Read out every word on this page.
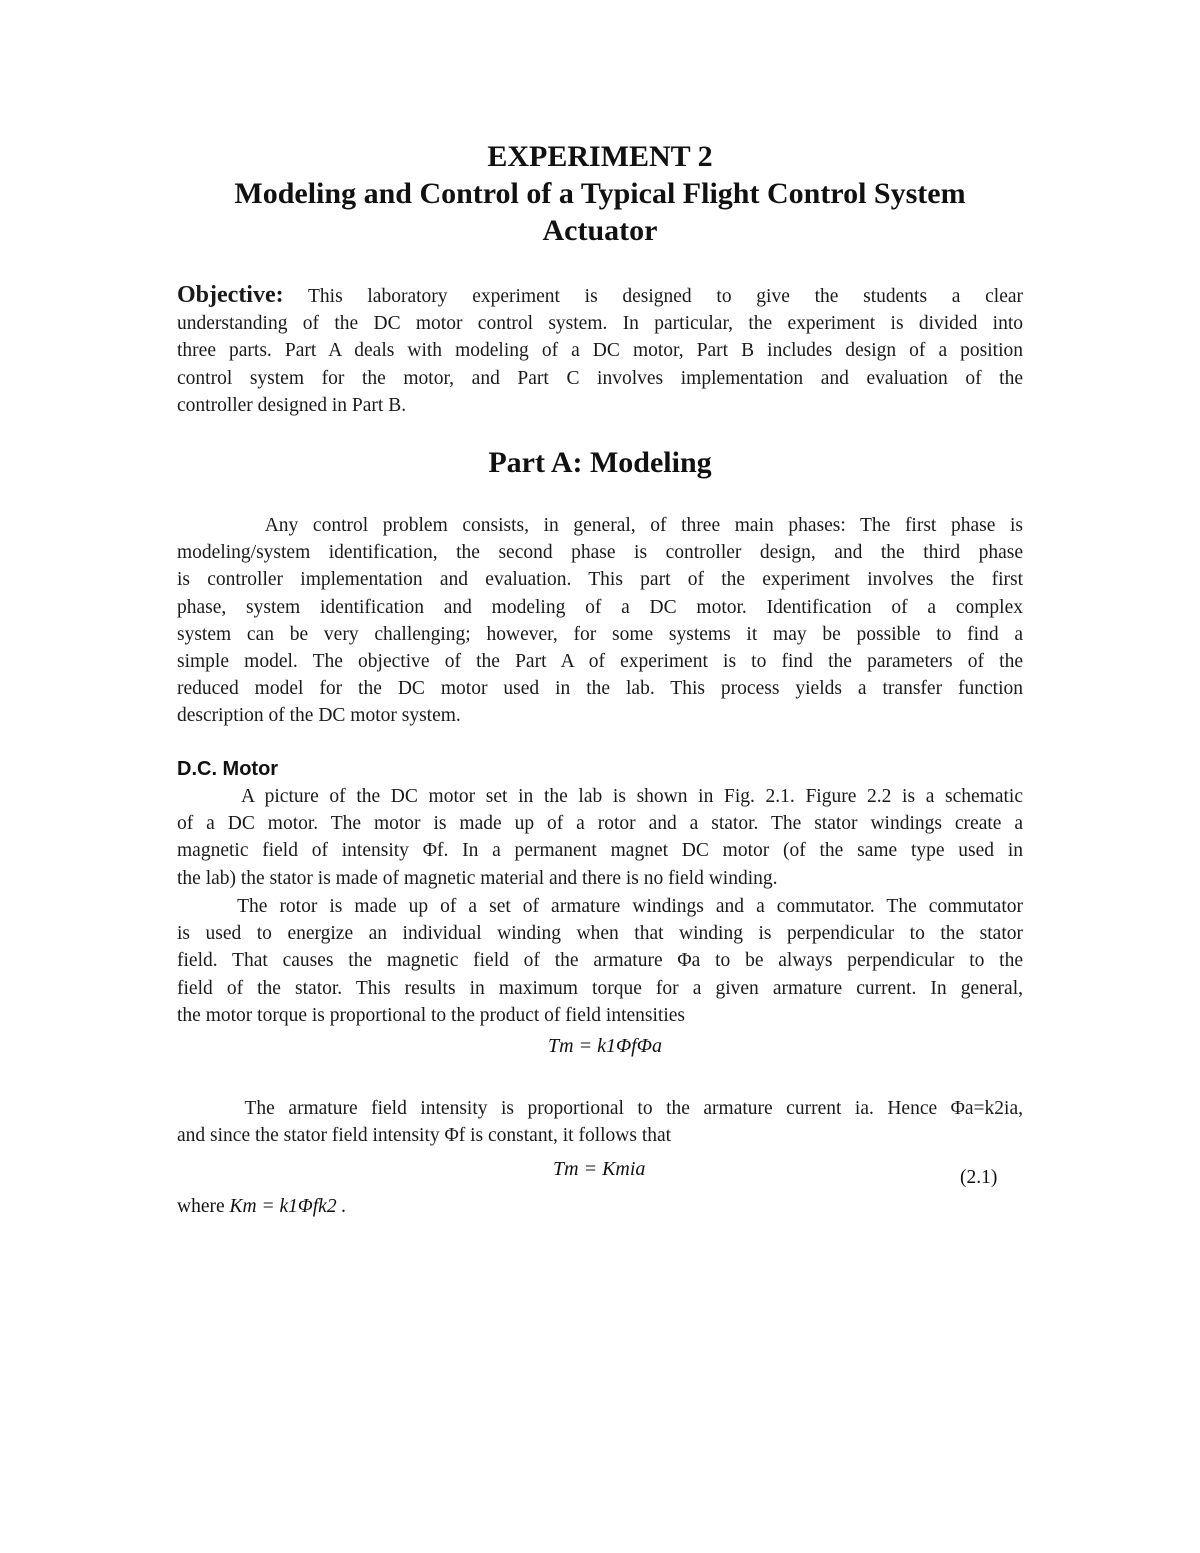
EXPERIMENT 2
Modeling and Control of a Typical Flight Control System
Actuator
Objective: This laboratory experiment is designed to give the students a clear
understanding of the DC motor control system. In particular, the experiment is divided into
three parts. Part A deals with modeling of a DC motor, Part B includes design of a position
control system for the motor, and Part C involves implementation and evaluation of the
controller designed in Part B.
Part A: Modeling
Any control problem consists, in general, of three main phases: The first phase is
modeling/system identification, the second phase is controller design, and the third phase
is controller implementation and evaluation. This part of the experiment involves the first
phase, system identification and modeling of a DC motor. Identification of a complex
system can be very challenging; however, for some systems it may be possible to find a
simple model. The objective of the Part A of experiment is to find the parameters of the
reduced model for the DC motor used in the lab. This process yields a transfer function
description of the DC motor system.
D.C. Motor
A picture of the DC motor set in the lab is shown in Fig. 2.1. Figure 2.2 is a schematic
of a DC motor. The motor is made up of a rotor and a stator. The stator windings create a
magnetic field of intensity Φf. In a permanent magnet DC motor (of the same type used in
the lab) the stator is made of magnetic material and there is no field winding.
The rotor is made up of a set of armature windings and a commutator. The commutator
is used to energize an individual winding when that winding is perpendicular to the stator
field. That causes the magnetic field of the armature Φa to be always perpendicular to the
field of the stator. This results in maximum torque for a given armature current. In general,
the motor torque is proportional to the product of field intensities
Tm = k1ΦfΦa
The armature field intensity is proportional to the armature current ia. Hence Φa=k2ia,
and since the stator field intensity Φf is constant, it follows that
Tm = Kmia	(2.1)
where Km = k1Φfk2 .
